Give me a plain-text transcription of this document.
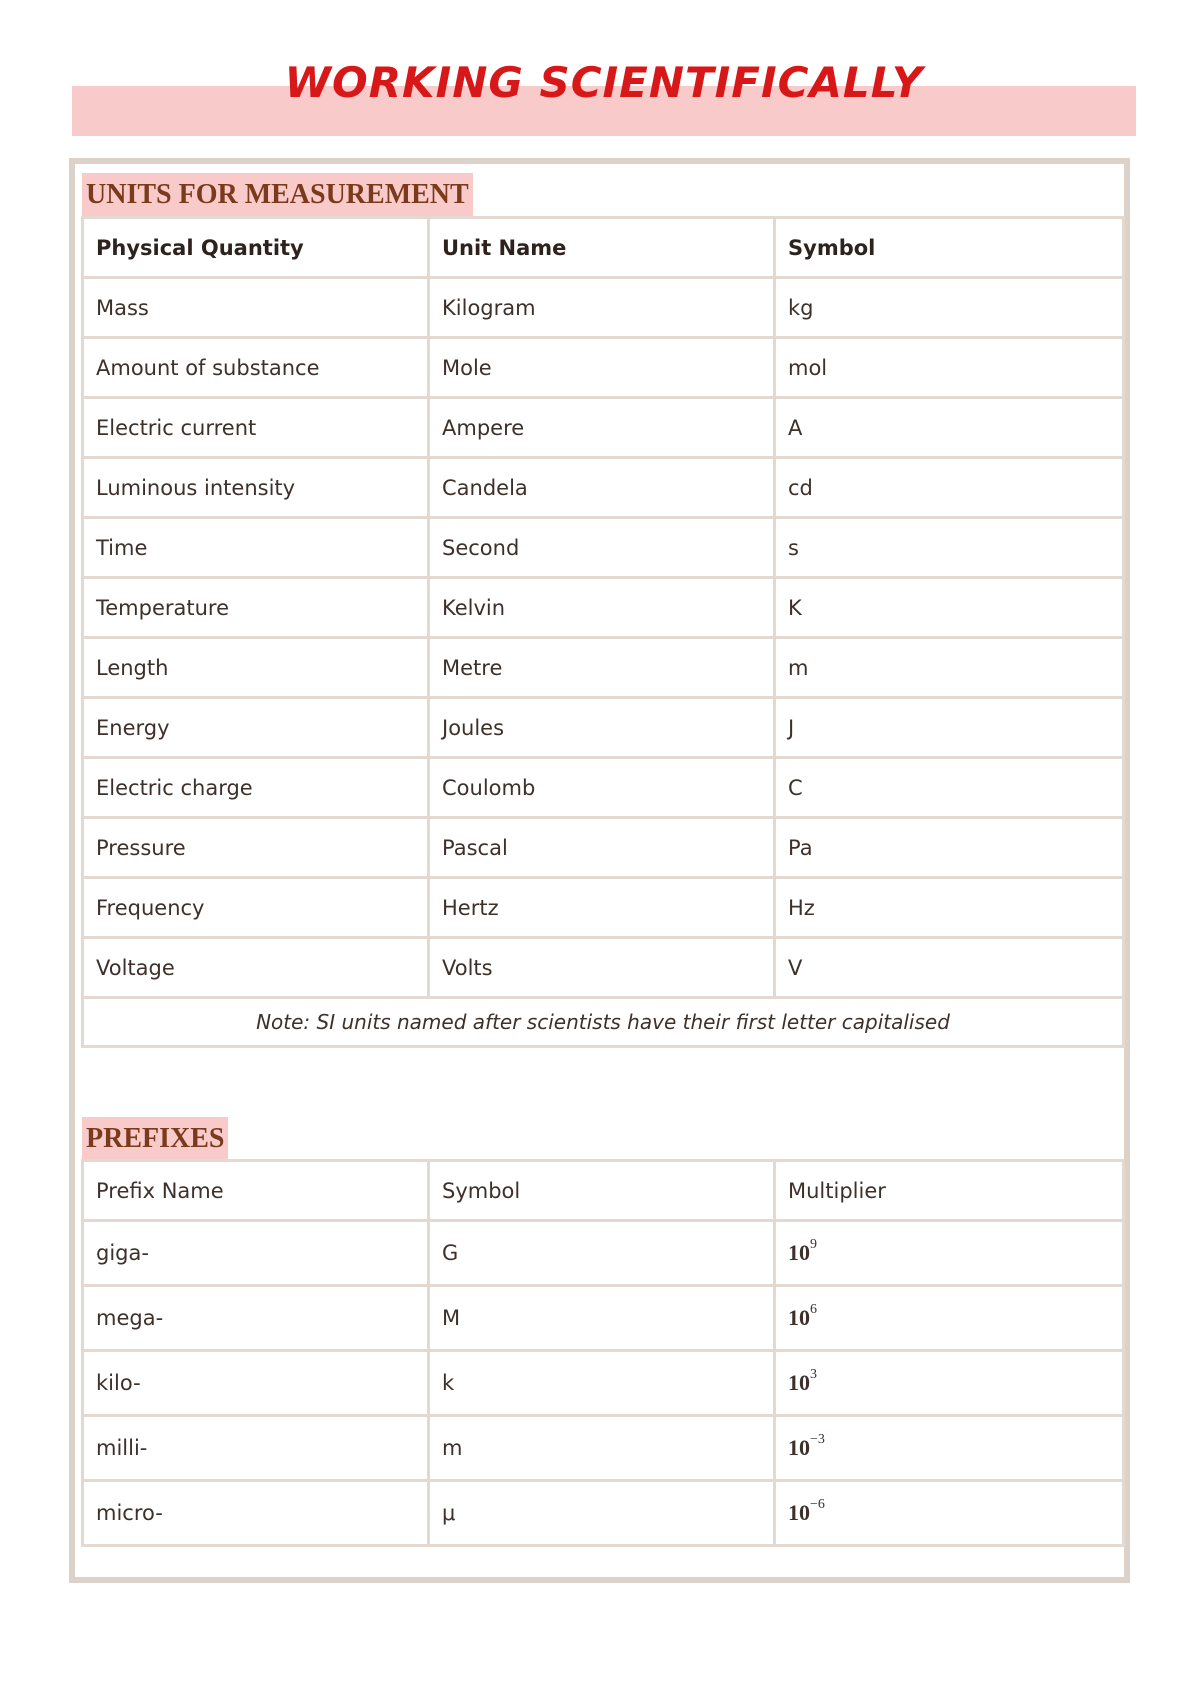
WORKING SCIENTIFICALLY
UNITS FOR MEASUREMENT
Physical Quantity	Unit Name	Symbol
Mass	Kilogram	kg
Amount of substance	Mole	mol
Electric current	Ampere	A
Luminous intensity	Candela	cd
Time	Second	s
Temperature	Kelvin	K
Length	Metre	m
Energy	Joules	J
Electric charge	Coulomb	C
Pressure	Pascal	Pa
Frequency	Hertz	Hz
Voltage	Volts	V
Note: SI units named after scientists have their first letter capitalised		
PREFIXES
Prefix Name	Symbol	Multiplier
giga-	G	$10^9$
mega-	M	$10^6$
kilo-	k	$10^3$
milli-	m	$10^{-3}$
micro-	μ	$10^{-6}$
